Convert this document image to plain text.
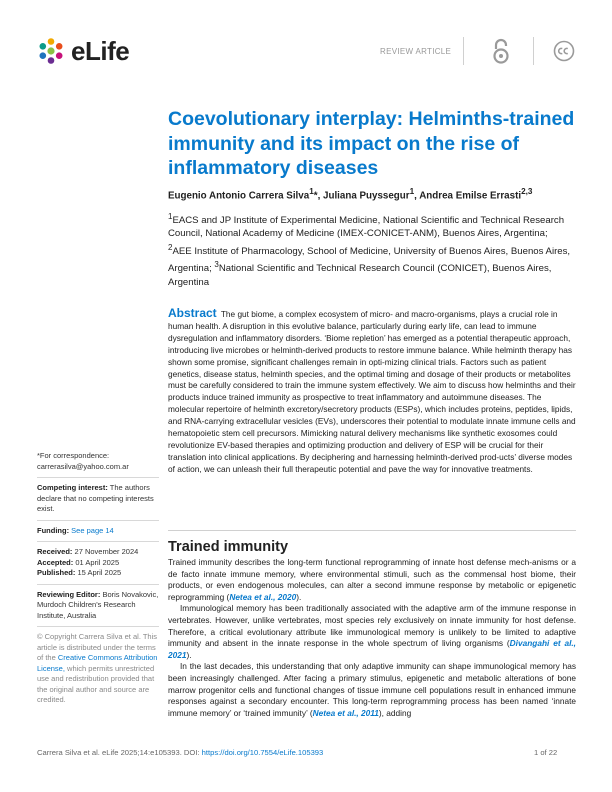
eLife	REVIEW ARTICLE
Coevolutionary interplay: Helminths-trained immunity and its impact on the rise of inflammatory diseases
Eugenio Antonio Carrera Silva$^1$*, Juliana Puyssegur$^1$, Andrea Emilse Errasti$^{2,3}$
$^1$EACS and JP Institute of Experimental Medicine, National Scientific and Technical Research Council, National Academy of Medicine (IMEX-CONICET-ANM), Buenos Aires, Argentina; $^2$AEE Institute of Pharmacology, School of Medicine, University of Buenos Aires, Buenos Aires, Argentina; $^3$National Scientific and Technical Research Council (CONICET), Buenos Aires, Argentina
Abstract The gut biome, a complex ecosystem of micro- and macro-organisms, plays a crucial role in human health. A disruption in this evolutive balance, particularly during early life, can lead to immune dysregulation and inflammatory disorders. ‘Biome repletion’ has emerged as a potential therapeutic approach, introducing live microbes or helminth-derived products to restore immune balance. While helminth therapy has shown some promise, significant challenges remain in opti-mizing clinical trials. Factors such as patient genetics, disease status, helminth species, and the optimal timing and dosage of their products or metabolites must be carefully considered to train the immune system effectively. We aim to discuss how helminths and their products induce trained immunity as prospective to treat inflammatory and autoimmune diseases. The molecular repertoire of helminth excretory/secretory products (ESPs), which includes proteins, peptides, lipids, and RNA-carrying extracellular vesicles (EVs), underscores their potential to modulate innate immune cells and hematopoietic stem cell precursors. Mimicking natural delivery mechanisms like synthetic exosomes could revolutionize EV-based therapies and optimizing production and delivery of ESP will be crucial for their translation into clinical applications. By deciphering and harnessing helminth-derived prod-ucts’ diverse modes of action, we can unleash their full therapeutic potential and pave the way for innovative treatments.
*For correspondence:
carrerasilva@yahoo.com.ar
Competing interest: The authors declare that no competing interests exist.
Funding: See page 14
Received: 27 November 2024
Accepted: 01 April 2025
Published: 15 April 2025
Reviewing Editor: Boris Novakovic, Murdoch Children's Research Institute, Australia
© Copyright Carrera Silva et al. This article is distributed under the terms of the Creative Commons Attribution License, which permits unrestricted use and redistribution provided that the original author and source are credited.
Trained immunity

Trained immunity describes the long-term functional reprogramming of innate host defense mech-anisms or a de facto innate immune memory, where environmental stimuli, such as the commensal host biome, their products, or even endogenous molecules, can alter a second immune response by metabolic or epigenetic reprogramming (Netea et al., 2020).

Immunological memory has been traditionally associated with the adaptive arm of the immune response in vertebrates. However, unlike vertebrates, most species rely exclusively on innate immunity for host defense. Therefore, a critical evolutionary attribute like immunological memory is unlikely to be limited to adaptive immunity and absent in the innate response in the whole spectrum of living organisms (Divangahi et al., 2021).

In the last decades, this understanding that only adaptive immunity can shape immunological memory has been increasingly challenged. After facing a primary stimulus, epigenetic and metabolic alterations of bone marrow progenitor cells and functional changes of tissue immune cell populations result in enhanced immune responses against a secondary encounter. This long-term reprogramming process has been named ‘innate immune memory’ or ‘trained immunity’ (Netea et al., 2011), adding

Carrera Silva et al. eLife 2025;14:e105393. DOI: https://doi.org/10.7554/eLife.105393	1 of 22
